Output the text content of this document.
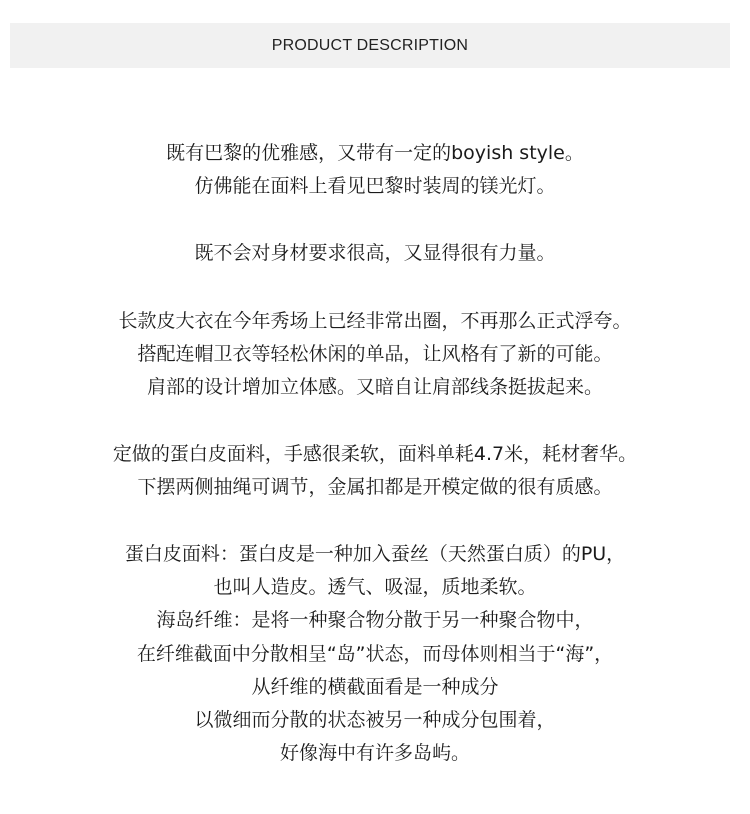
PRODUCT DESCRIPTION
既有巴黎的优雅感，又带有一定的boyish style。
仿佛能在面料上看见巴黎时装周的镁光灯。
既不会对身材要求很高，又显得很有力量。
长款皮大衣在今年秀场上已经非常出圈，不再那么正式浮夸。
搭配连帽卫衣等轻松休闲的单品，让风格有了新的可能。
肩部的设计增加立体感。又暗自让肩部线条挺拔起来。
定做的蛋白皮面料，手感很柔软，面料单耗4.7米，耗材奢华。
下摆两侧抽绳可调节，金属扣都是开模定做的很有质感。
蛋白皮面料：蛋白皮是一种加入蚕丝（天然蛋白质）的PU，
也叫人造皮。透气、吸湿，质地柔软。
海岛纤维：是将一种聚合物分散于另一种聚合物中，
在纤维截面中分散相呈“岛”状态，而母体则相当于“海”，
从纤维的横截面看是一种成分
以微细而分散的状态被另一种成分包围着，
好像海中有许多岛屿。
